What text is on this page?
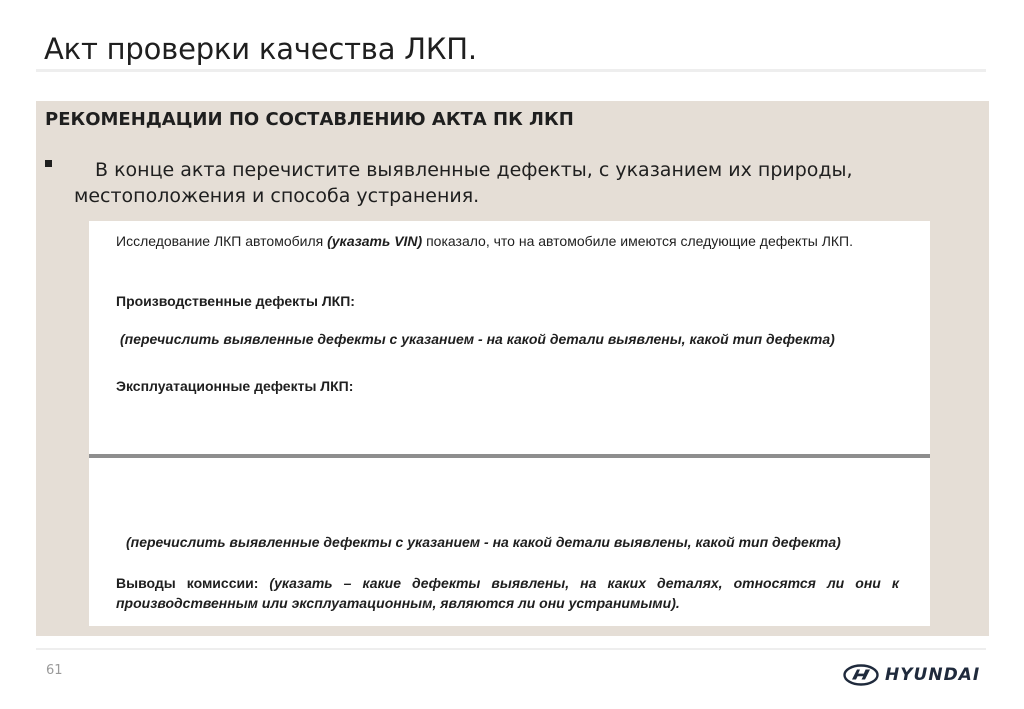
Акт проверки качества ЛКП.
РЕКОМЕНДАЦИИ ПО СОСТАВЛЕНИЮ АКТА ПК ЛКП
В конце акта перечистите выявленные дефекты, с указанием их природы, местоположения и способа устранения.
Исследование ЛКП автомобиля (указать VIN) показало, что на автомобиле имеются следующие дефекты ЛКП.
Производственные дефекты ЛКП:
(перечислить выявленные дефекты с указанием - на какой детали выявлены, какой тип дефекта)
Эксплуатационные дефекты ЛКП:
(перечислить выявленные дефекты с указанием - на какой детали выявлены, какой тип дефекта)
Выводы комиссии: (указать – какие дефекты выявлены, на каких деталях, относятся ли они к производственным или эксплуатационным, являются ли они устранимыми).
61	HYUNDAI
